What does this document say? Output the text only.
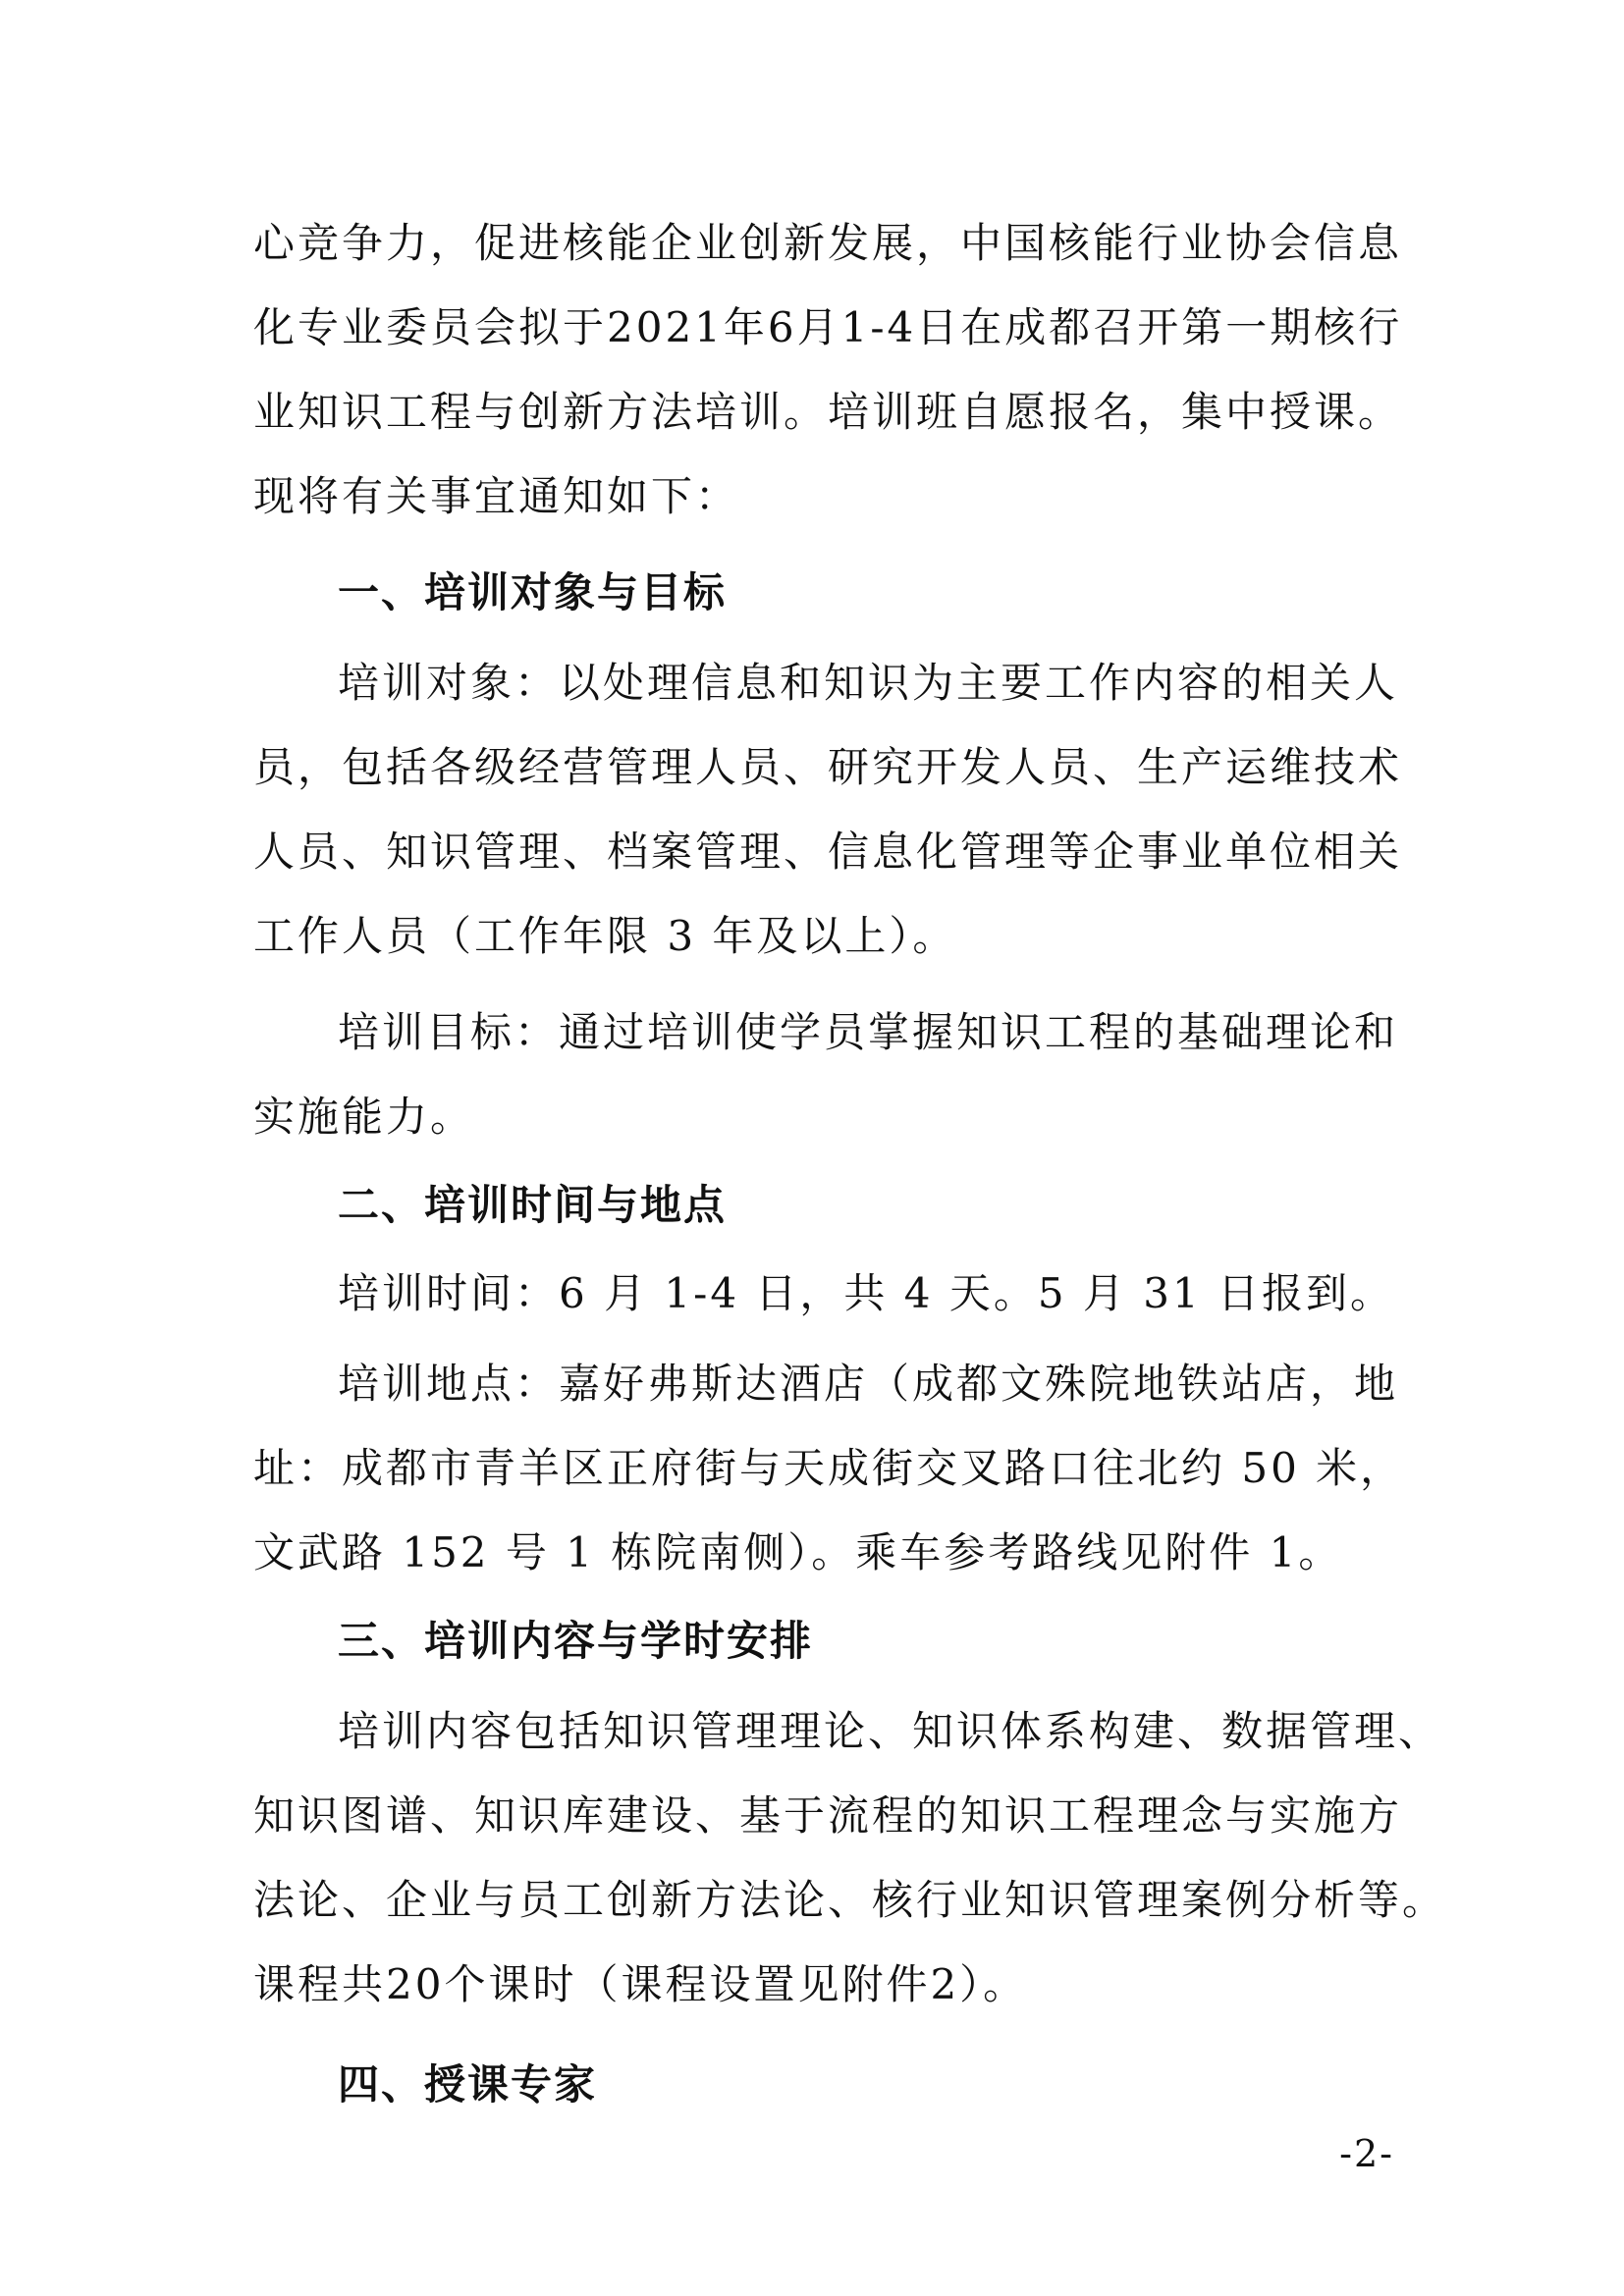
心竞争力，促进核能企业创新发展，中国核能行业协会信息
化专业委员会拟于2021年6月1-4日在成都召开第一期核行
业知识工程与创新方法培训。培训班自愿报名，集中授课。
现将有关事宜通知如下：
一、培训对象与目标
培训对象：以处理信息和知识为主要工作内容的相关人
员，包括各级经营管理人员、研究开发人员、生产运维技术
人员、知识管理、档案管理、信息化管理等企事业单位相关
工作人员（工作年限 3 年及以上）。
培训目标：通过培训使学员掌握知识工程的基础理论和
实施能力。
二、培训时间与地点
培训时间：6 月 1-4 日，共 4 天。5 月 31 日报到。
培训地点：嘉好弗斯达酒店（成都文殊院地铁站店，地
址：成都市青羊区正府街与天成街交叉路口往北约 50 米，
文武路 152 号 1 栋院南侧）。乘车参考路线见附件 1。
三、培训内容与学时安排
培训内容包括知识管理理论、知识体系构建、数据管理、
知识图谱、知识库建设、基于流程的知识工程理念与实施方
法论、企业与员工创新方法论、核行业知识管理案例分析等。
课程共20个课时（课程设置见附件2）。
四、授课专家
-2-
